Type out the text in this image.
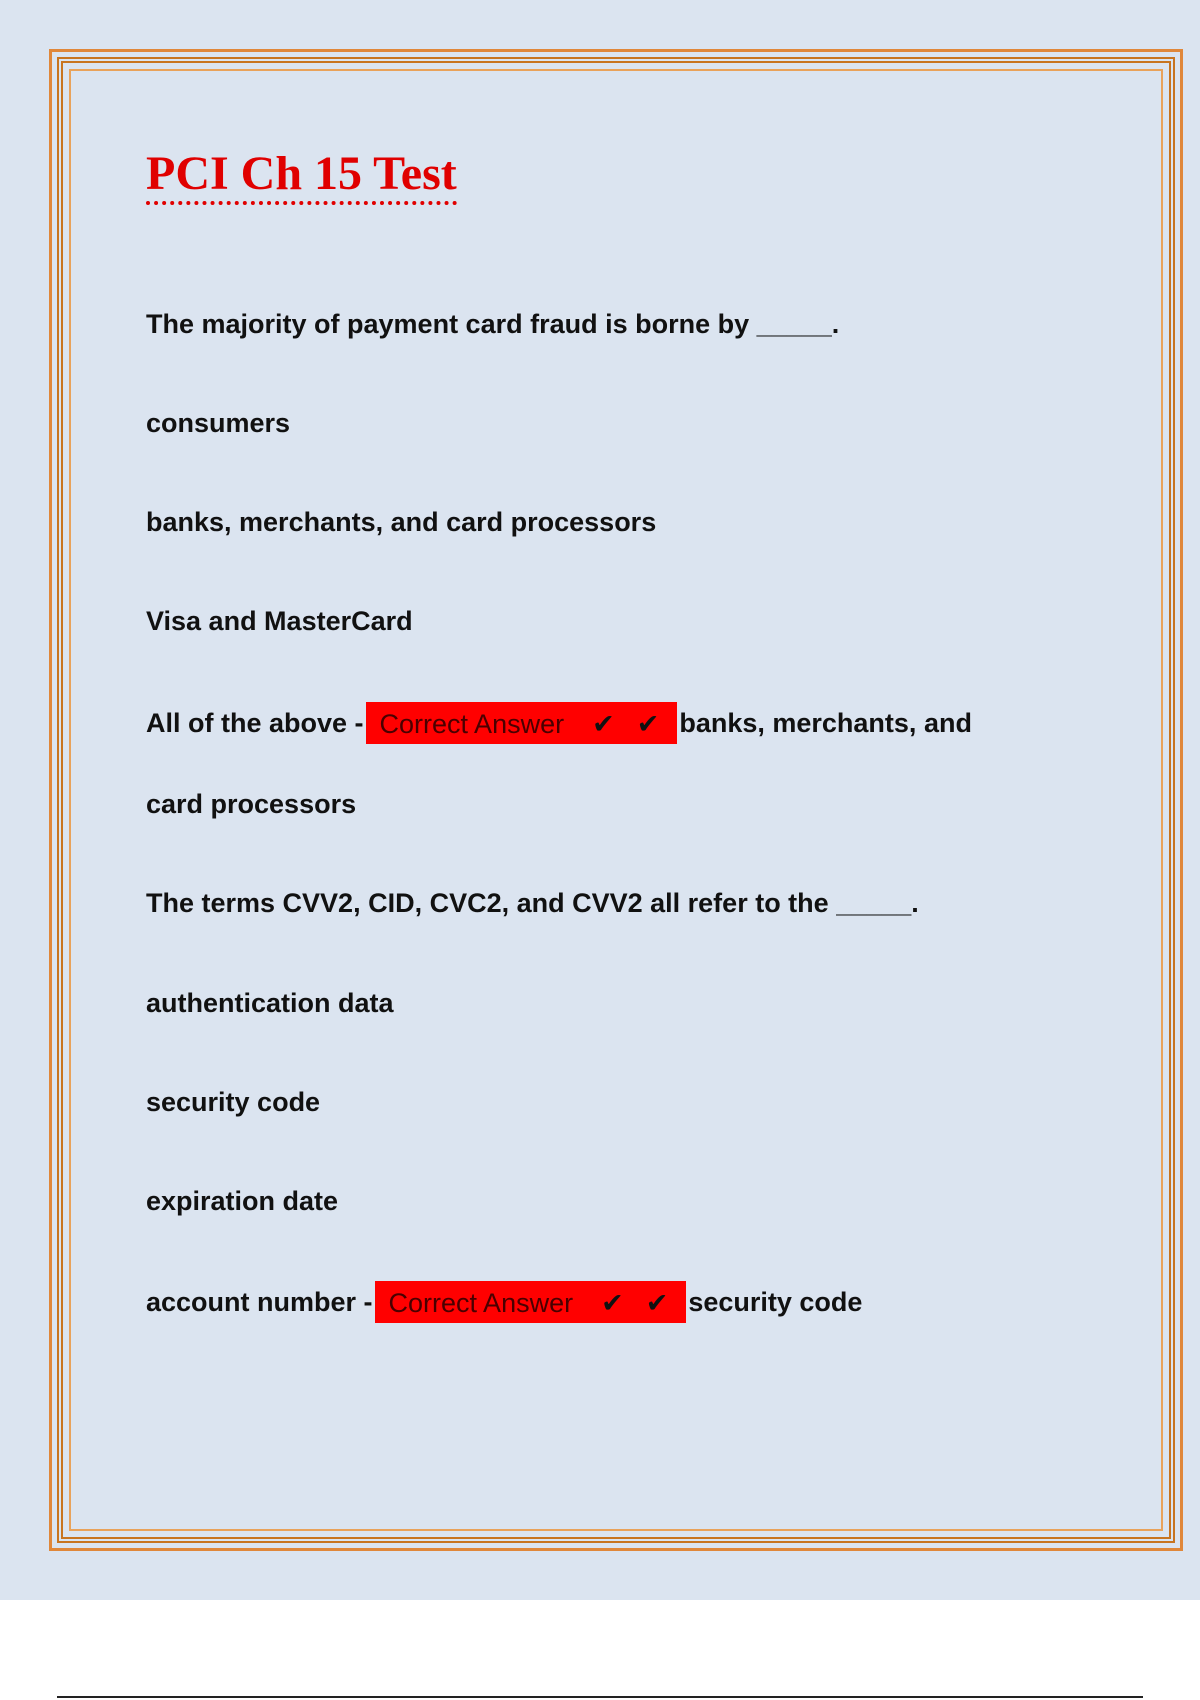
PCI Ch 15 Test
The majority of payment card fraud is borne by _____.
consumers
banks, merchants, and card processors
Visa and MasterCard
All of the above - Correct Answer ✔ ✔ banks, merchants, and
card processors
The terms CVV2, CID, CVC2, and CVV2 all refer to the _____.
authentication data
security code
expiration date
account number - Correct Answer ✔ ✔ security code
